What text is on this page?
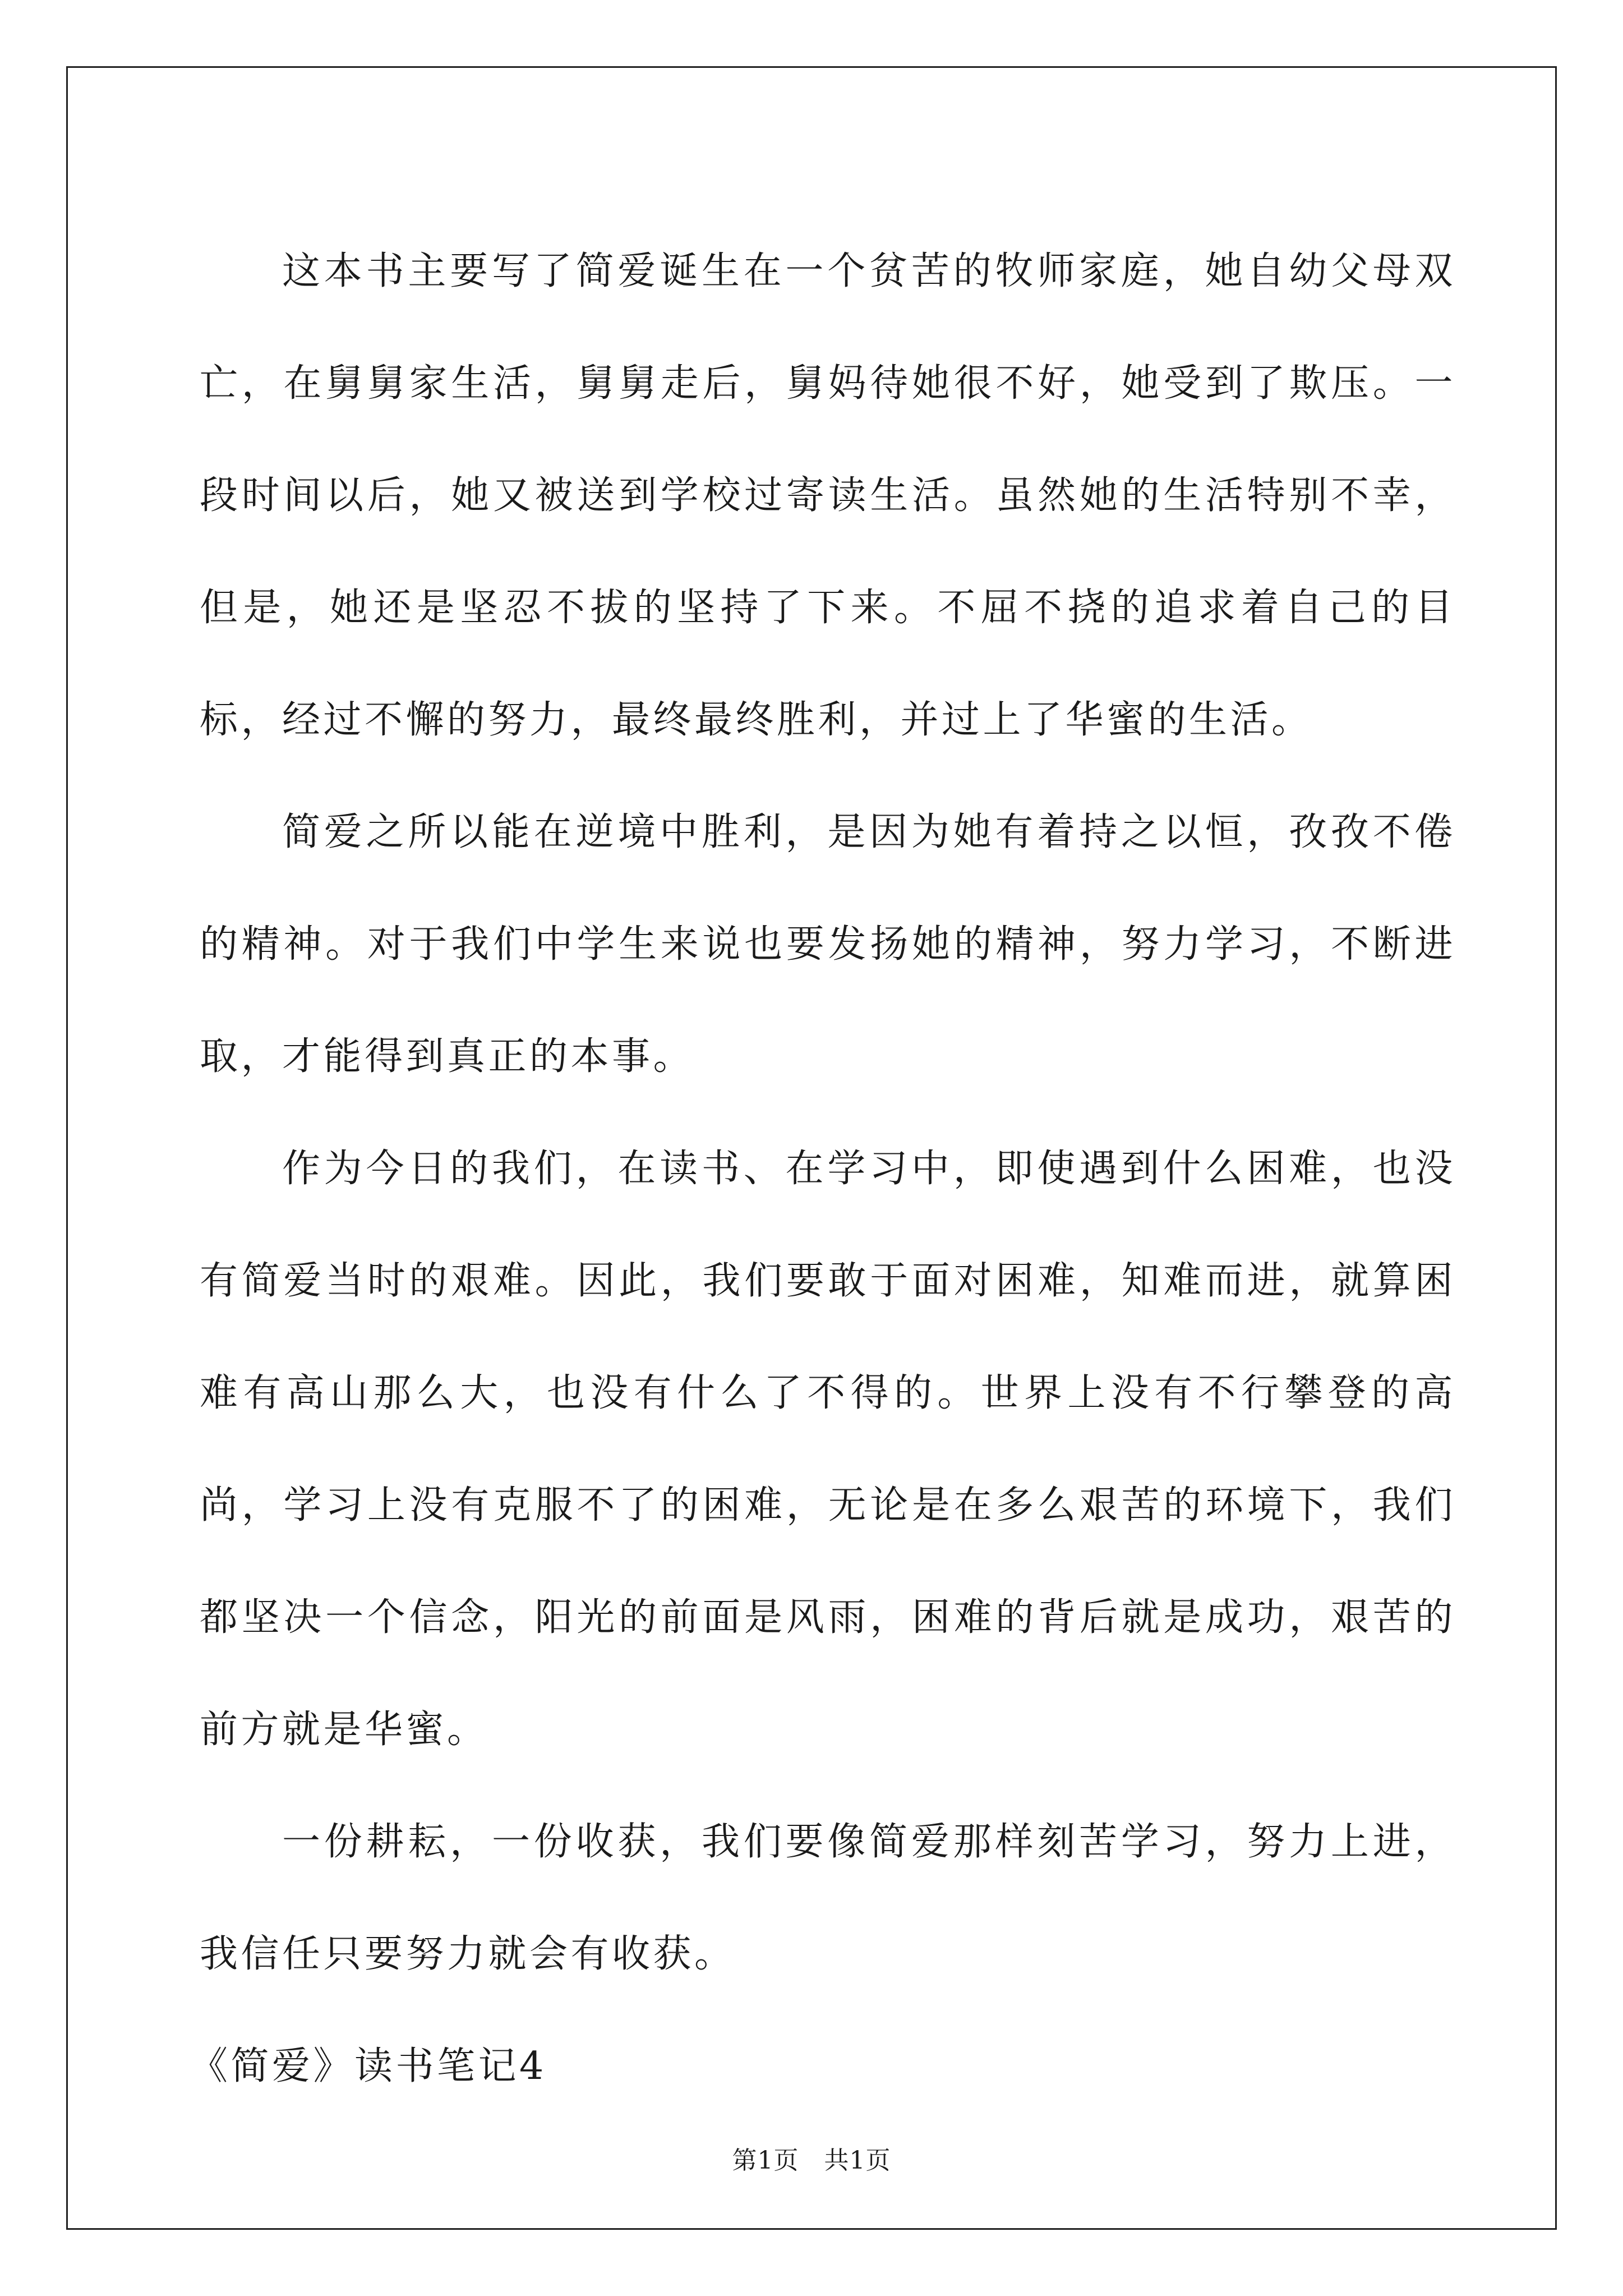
这本书主要写了简爱诞生在一个贫苦的牧师家庭，她自幼父母双亡，在舅舅家生活，舅舅走后，舅妈待她很不好，她受到了欺压。一段时间以后，她又被送到学校过寄读生活。虽然她的生活特别不幸，但是，她还是坚忍不拔的坚持了下来。不屈不挠的追求着自己的目标，经过不懈的努力，最终最终胜利，并过上了华蜜的生活。

简爱之所以能在逆境中胜利，是因为她有着持之以恒，孜孜不倦的精神。对于我们中学生来说也要发扬她的精神，努力学习，不断进取，才能得到真正的本事。

作为今日的我们，在读书、在学习中，即使遇到什么困难，也没有简爱当时的艰难。因此，我们要敢于面对困难，知难而进，就算困难有高山那么大，也没有什么了不得的。世界上没有不行攀登的高尚，学习上没有克服不了的困难，无论是在多么艰苦的环境下，我们都坚决一个信念，阳光的前面是风雨，困难的背后就是成功，艰苦的前方就是华蜜。

一份耕耘，一份收获，我们要像简爱那样刻苦学习，努力上进，我信任只要努力就会有收获。

《简爱》读书笔记4

第1页 共1页
